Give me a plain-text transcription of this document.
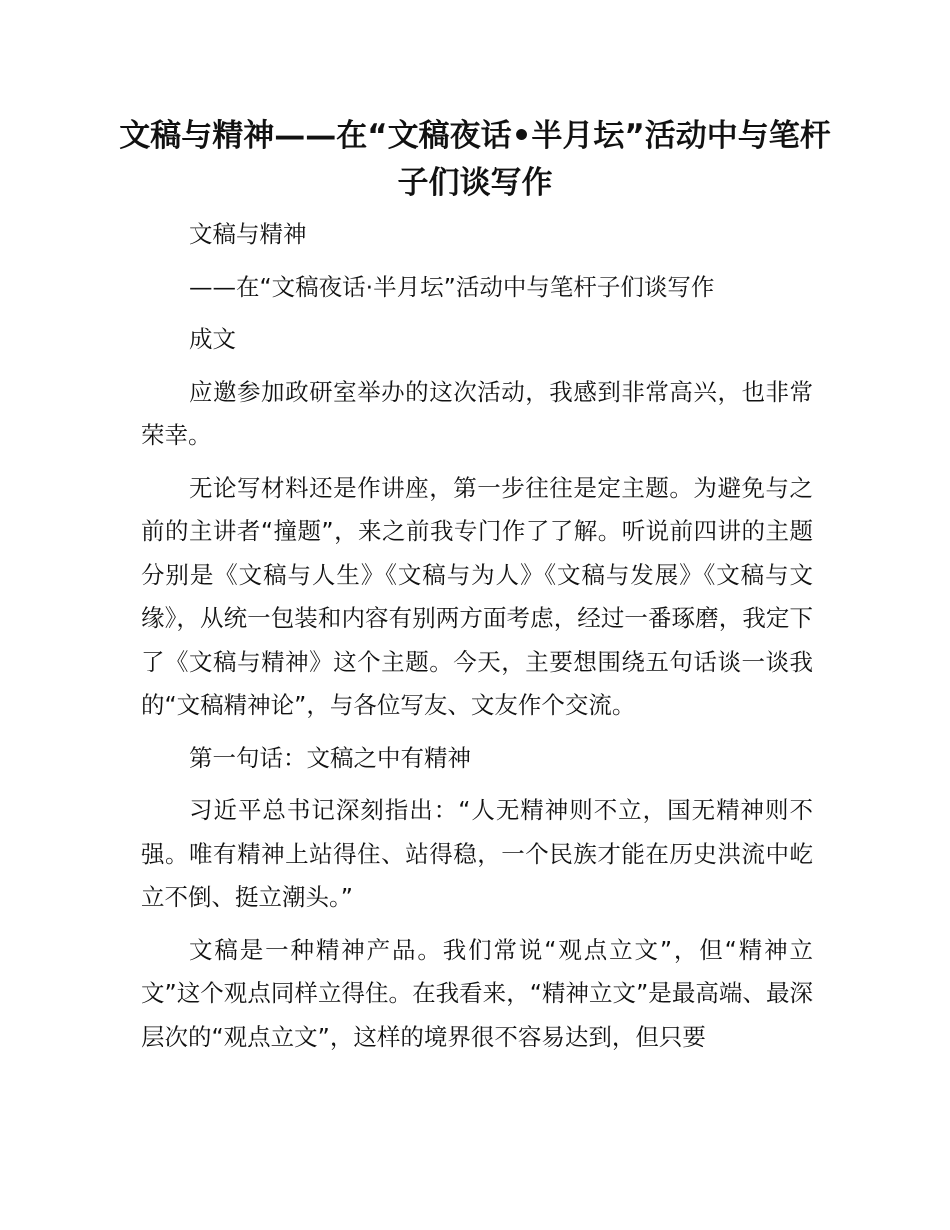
文稿与精神——在“文稿夜话•半月坛”活动中与笔杆子们谈写作

文稿与精神

——在“文稿夜话·半月坛”活动中与笔杆子们谈写作

成文

应邀参加政研室举办的这次活动，我感到非常高兴，也非常荣幸。

无论写材料还是作讲座，第一步往往是定主题。为避免与之前的主讲者“撞题”，来之前我专门作了了解。听说前四讲的主题分别是《文稿与人生》《文稿与为人》《文稿与发展》《文稿与文缘》，从统一包装和内容有别两方面考虑，经过一番琢磨，我定下了《文稿与精神》这个主题。今天，主要想围绕五句话谈一谈我的“文稿精神论”，与各位写友、文友作个交流。

第一句话：文稿之中有精神

习近平总书记深刻指出：“人无精神则不立，国无精神则不强。唯有精神上站得住、站得稳，一个民族才能在历史洪流中屹立不倒、挺立潮头。”

文稿是一种精神产品。我们常说“观点立文”，但“精神立文”这个观点同样立得住。在我看来，“精神立文”是最高端、最深层次的“观点立文”，这样的境界很不容易达到，但只要
